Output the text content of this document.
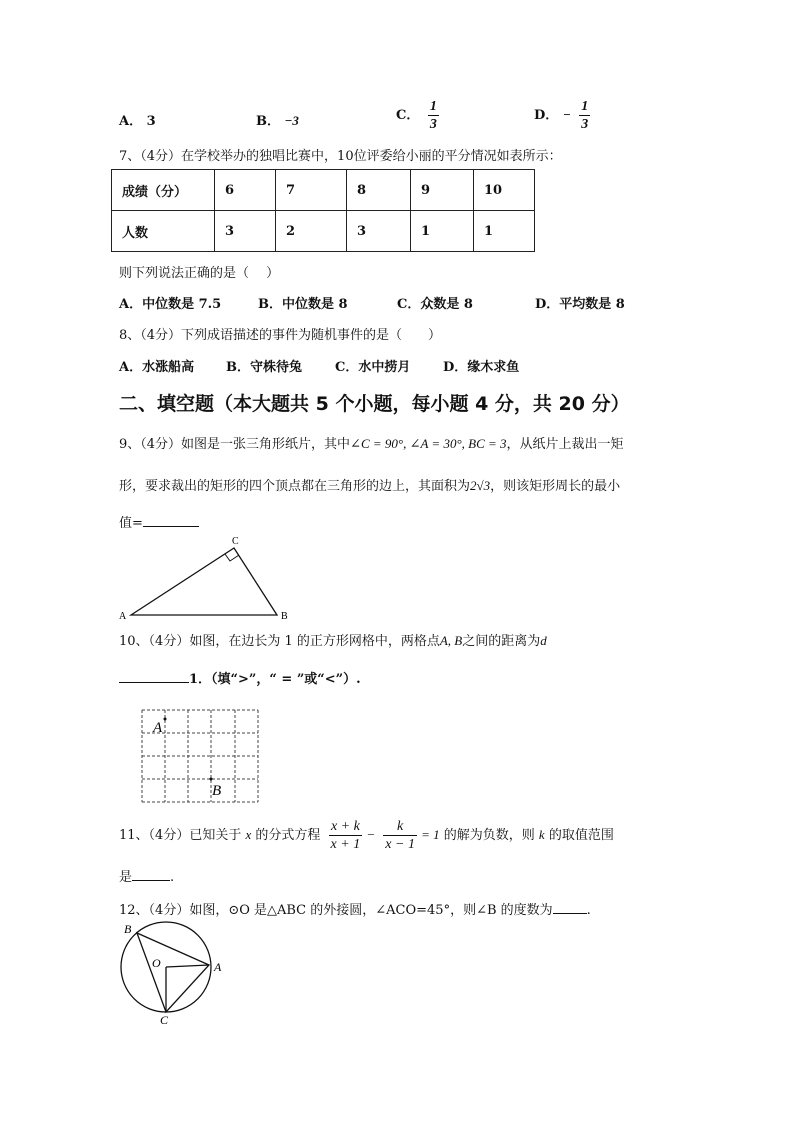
A． 3	B． −3	C． $\frac{1}{3}$	D． − $\frac{1}{3}$
7、（4分）在学校举办的独唱比赛中，10位评委给小丽的平分情况如表所示：
成绩（分）	6	7	8	9	10
人数	3	2	3	1	1
则下列说法正确的是（　 ）
A．中位数是 7.5	B．中位数是 8	C．众数是 8	D．平均数是 8
8、（4分）下列成语描述的事件为随机事件的是（　　）
A．水涨船高 B．守株待兔	C．水中捞月	D．缘木求鱼
二、填空题（本大题共 5 个小题，每小题 4 分，共 20 分）
9、（4分）如图是一张三角形纸片，其中∠C = 90°, ∠A = 30°, BC = 3，从纸片上裁出一矩
形，要求裁出的矩形的四个顶点都在三角形的边上，其面积为2√3，则该矩形周长的最小
值=
A
C
B
10、（4分）如图，在边长为 1 的正方形网格中，两格点A, B之间的距离为d
1．（填“>”，“ = ”或“<”）.
A
B
11、（4分）已知关于 x 的分式方程 $\frac{x + k}{x + 1} - \frac{k}{x - 1} = 1$ 的解为负数，则 k 的取值范围
是	.
12、（4分）如图，⊙O 是△ABC 的外接圆，∠ACO=45°，则∠B 的度数为	.
B
O	A
C
